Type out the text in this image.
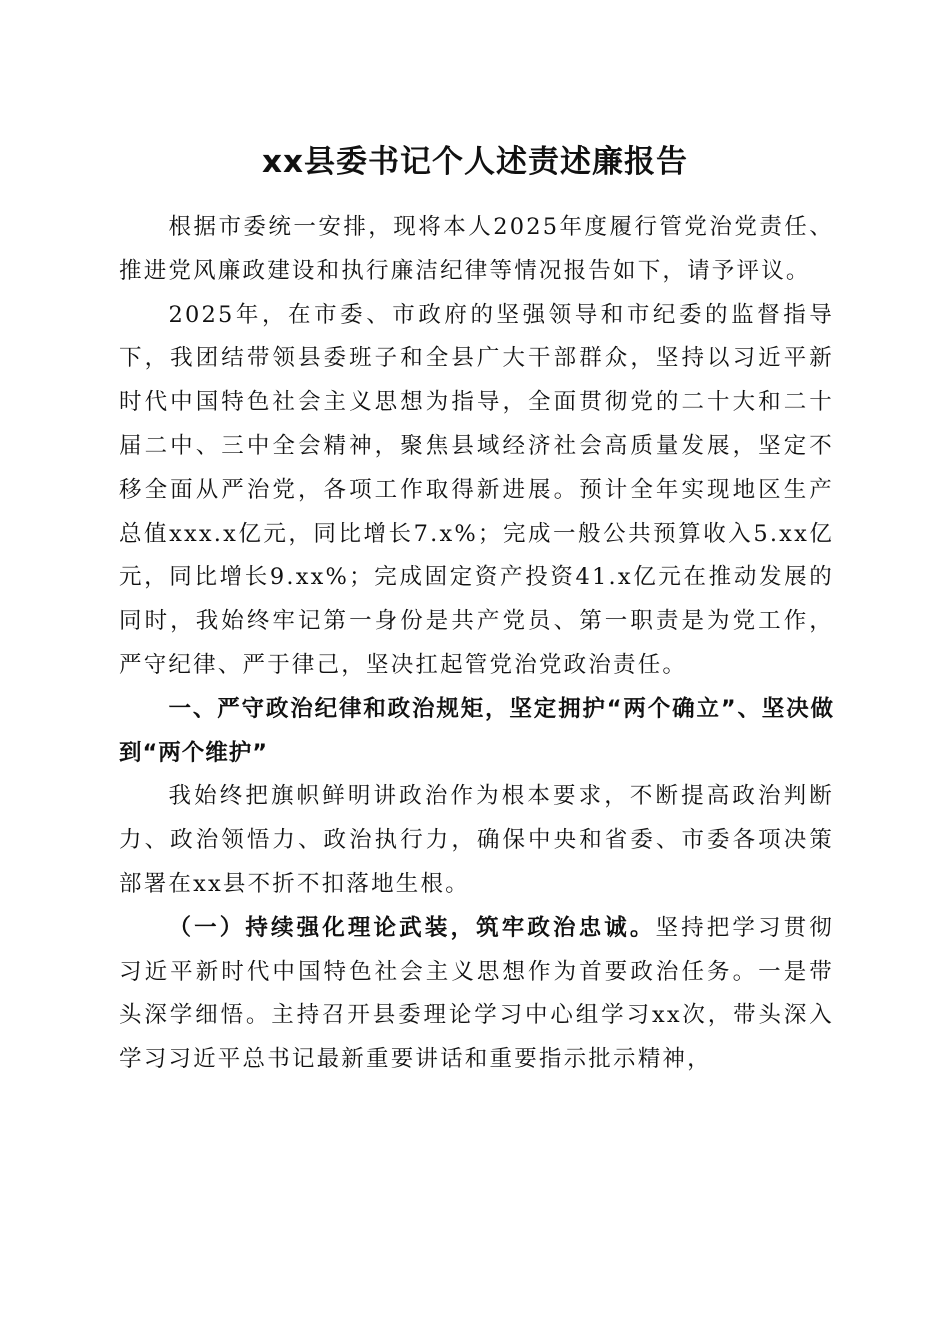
xx县委书记个人述责述廉报告

根据市委统一安排，现将本人2025年度履行管党治党责任、推进党风廉政建设和执行廉洁纪律等情况报告如下，请予评议。

2025年，在市委、市政府的坚强领导和市纪委的监督指导下，我团结带领县委班子和全县广大干部群众，坚持以习近平新时代中国特色社会主义思想为指导，全面贯彻党的二十大和二十届二中、三中全会精神，聚焦县域经济社会高质量发展，坚定不移全面从严治党，各项工作取得新进展。预计全年实现地区生产总值xxx.x亿元，同比增长7.x%；完成一般公共预算收入5.xx亿元，同比增长9.xx%；完成固定资产投资41.x亿元在推动发展的同时，我始终牢记第一身份是共产党员、第一职责是为党工作，严守纪律、严于律己，坚决扛起管党治党政治责任。

一、严守政治纪律和政治规矩，坚定拥护“两个确立”、坚决做到“两个维护”

我始终把旗帜鲜明讲政治作为根本要求，不断提高政治判断力、政治领悟力、政治执行力，确保中央和省委、市委各项决策部署在xx县不折不扣落地生根。

（一）持续强化理论武装，筑牢政治忠诚。坚持把学习贯彻习近平新时代中国特色社会主义思想作为首要政治任务。一是带头深学细悟。主持召开县委理论学习中心组学习xx次，带头深入学习习近平总书记最新重要讲话和重要指示批示精神，
